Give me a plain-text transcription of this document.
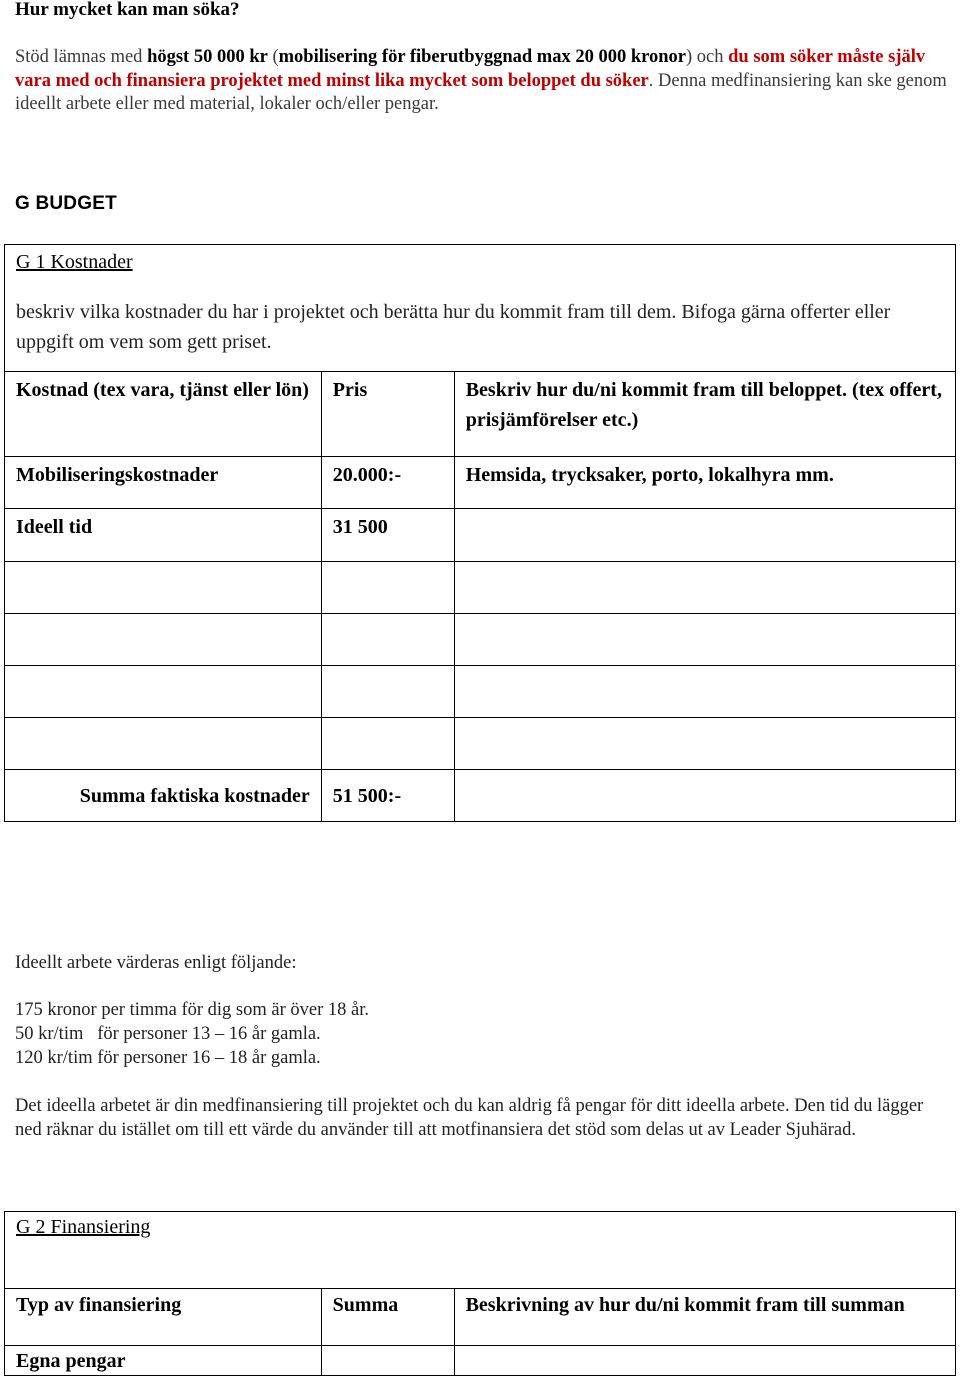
Hur mycket kan man söka?
Stöd lämnas med högst 50 000 kr (mobilisering för fiberutbyggnad max 20 000 kronor) och du som söker måste själv vara med och finansiera projektet med minst lika mycket som beloppet du söker. Denna medfinansiering kan ske genom ideellt arbete eller med material, lokaler och/eller pengar.
G BUDGET
G 1 Kostnader
beskriv vilka kostnader du har i projektet och berätta hur du kommit fram till dem. Bifoga gärna offerter eller uppgift om vem som gett priset.		

Kostnad (tex vara, tjänst eller lön)	Pris	Beskriv hur du/ni kommit fram till beloppet. (tex offert, prisjämförelser etc.)
Mobiliseringskostnader	20.000:-	Hemsida, trycksaker, porto, lokalhyra mm.
Ideell tid	31 500	

Summa faktiska kostnader	51 500:-	
Ideellt arbete värderas enligt följande:
175 kronor per timma för dig som är över 18 år.
50 kr/tim   för personer 13 – 16 år gamla.
120 kr/tim för personer 16 – 18 år gamla.
Det ideella arbetet är din medfinansiering till projektet och du kan aldrig få pengar för ditt ideella arbete. Den tid du lägger ned räknar du istället om till ett värde du använder till att motfinansiera det stöd som delas ut av Leader Sjuhärad.
G 2 Finansiering		
Typ av finansiering	Summa	Beskrivning av hur du/ni kommit fram till summan
Egna pengar		
